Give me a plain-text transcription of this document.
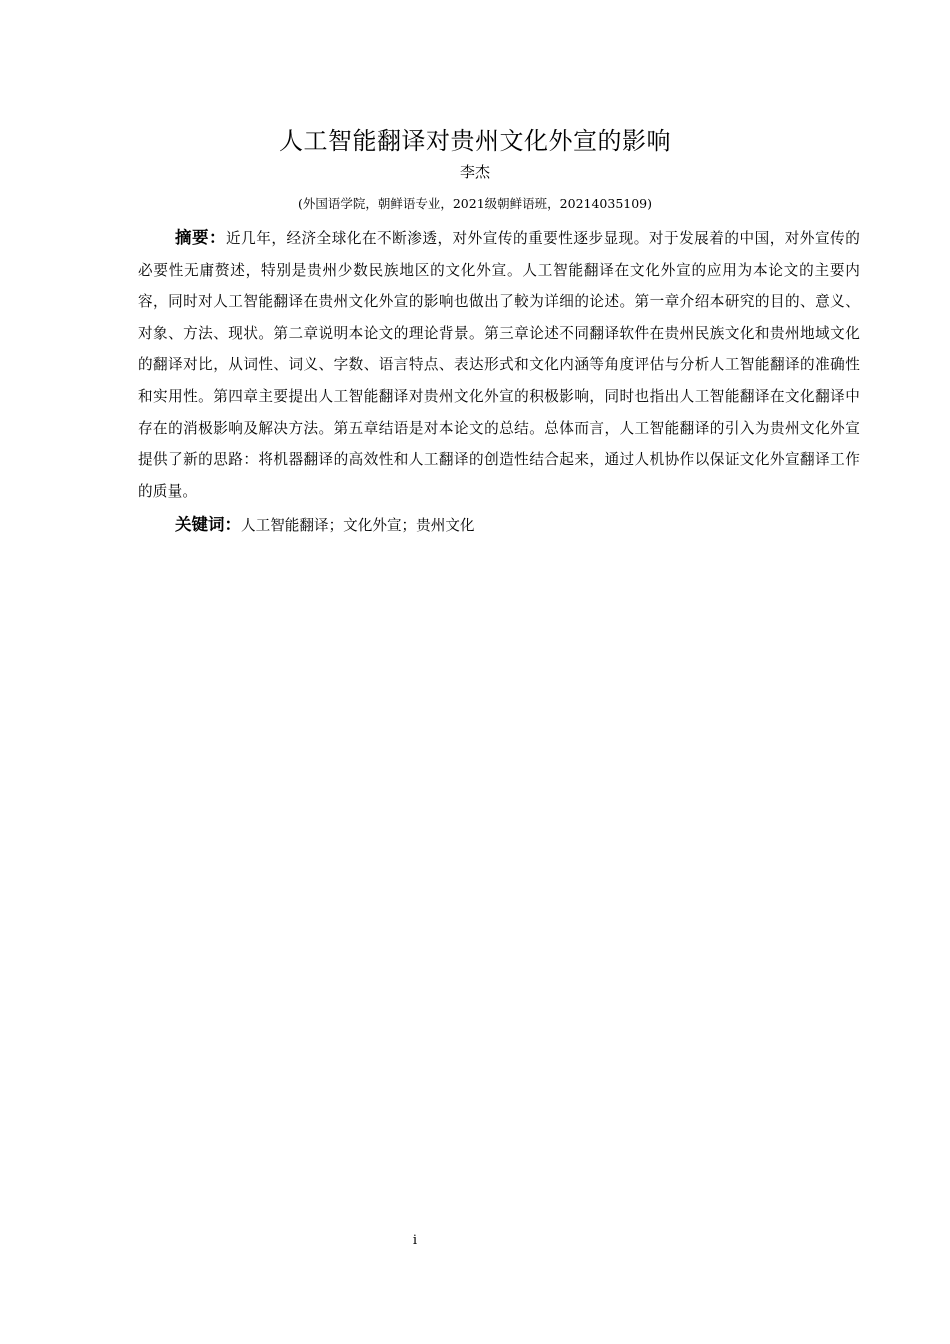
人工智能翻译对贵州文化外宣的影响
李杰
(外国语学院，朝鲜语专业，2021级朝鲜语班，20214035109)

摘要：近几年，经济全球化在不断渗透，对外宣传的重要性逐步显现。对于发展着的中国，对外宣传的必要性无庸赘述，特别是贵州少数民族地区的文化外宣。人工智能翻译在文化外宣的应用为本论文的主要内容，同时对人工智能翻译在贵州文化外宣的影响也做出了較为详细的论述。第一章介绍本研究的目的、意义、对象、方法、现状。第二章说明本论文的理论背景。第三章论述不同翻译软件在贵州民族文化和贵州地域文化的翻译对比，从词性、词义、字数、语言特点、表达形式和文化内涵等角度评估与分析人工智能翻译的准确性和实用性。第四章主要提出人工智能翻译对贵州文化外宣的积极影响，同时也指出人工智能翻译在文化翻译中存在的消极影响及解决方法。第五章结语是对本论文的总结。总体而言，人工智能翻译的引入为贵州文化外宣提供了新的思路：将机器翻译的高效性和人工翻译的创造性结合起来，通过人机协作以保证文化外宣翻译工作的质量。

关键词：人工智能翻译；文化外宣；贵州文化

i
